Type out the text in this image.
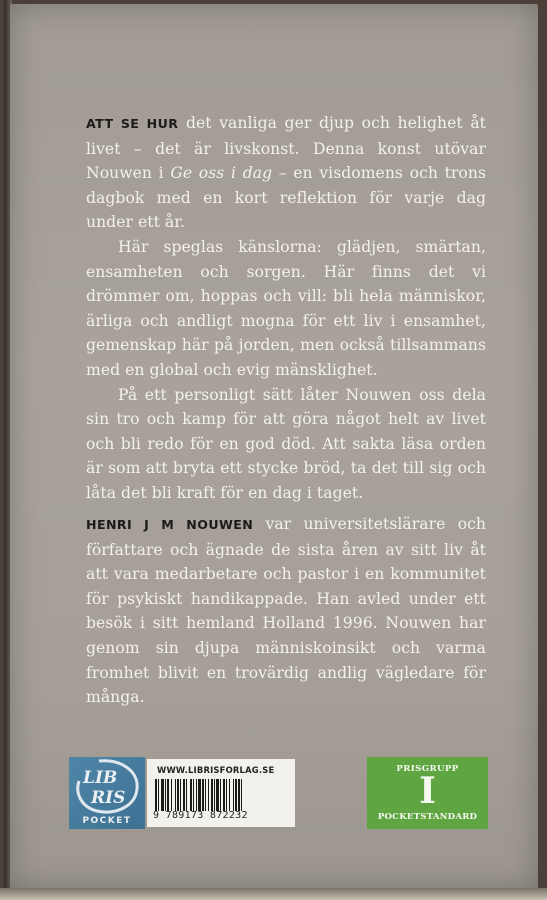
ATT SE HUR det vanliga ger djup och helighet åt livet – det är livskonst. Denna konst utövar Nouwen i Ge oss i dag – en visdomens och trons dagbok med en kort reflektion för varje dag under ett år.

Här speglas känslorna: glädjen, smärtan, ensamheten och sorgen. Här finns det vi drömmer om, hoppas och vill: bli hela människor, ärliga och andligt mogna för ett liv i ensamhet, gemenskap här på jorden, men också tillsammans med en global och evig mänsklighet.

På ett personligt sätt låter Nouwen oss dela sin tro och kamp för att göra något helt av livet och bli redo för en god död. Att sakta läsa orden är som att bryta ett stycke bröd, ta det till sig och låta det bli kraft för en dag i taget.

HENRI J M NOUWEN var universitetslärare och författare och ägnade de sista åren av sitt liv åt att vara medarbetare och pastor i en kommunitet för psykiskt handikappade. Han avled under ett besök i sitt hemland Holland 1996. Nouwen har genom sin djupa människoinsikt och varma fromhet blivit en trovärdig andlig vägledare för många.

LIB
RIS
POCKET
WWW.LIBRISFORLAG.SE
9 789173 872232
PRISGRUPP
I
POCKETSTANDARD
